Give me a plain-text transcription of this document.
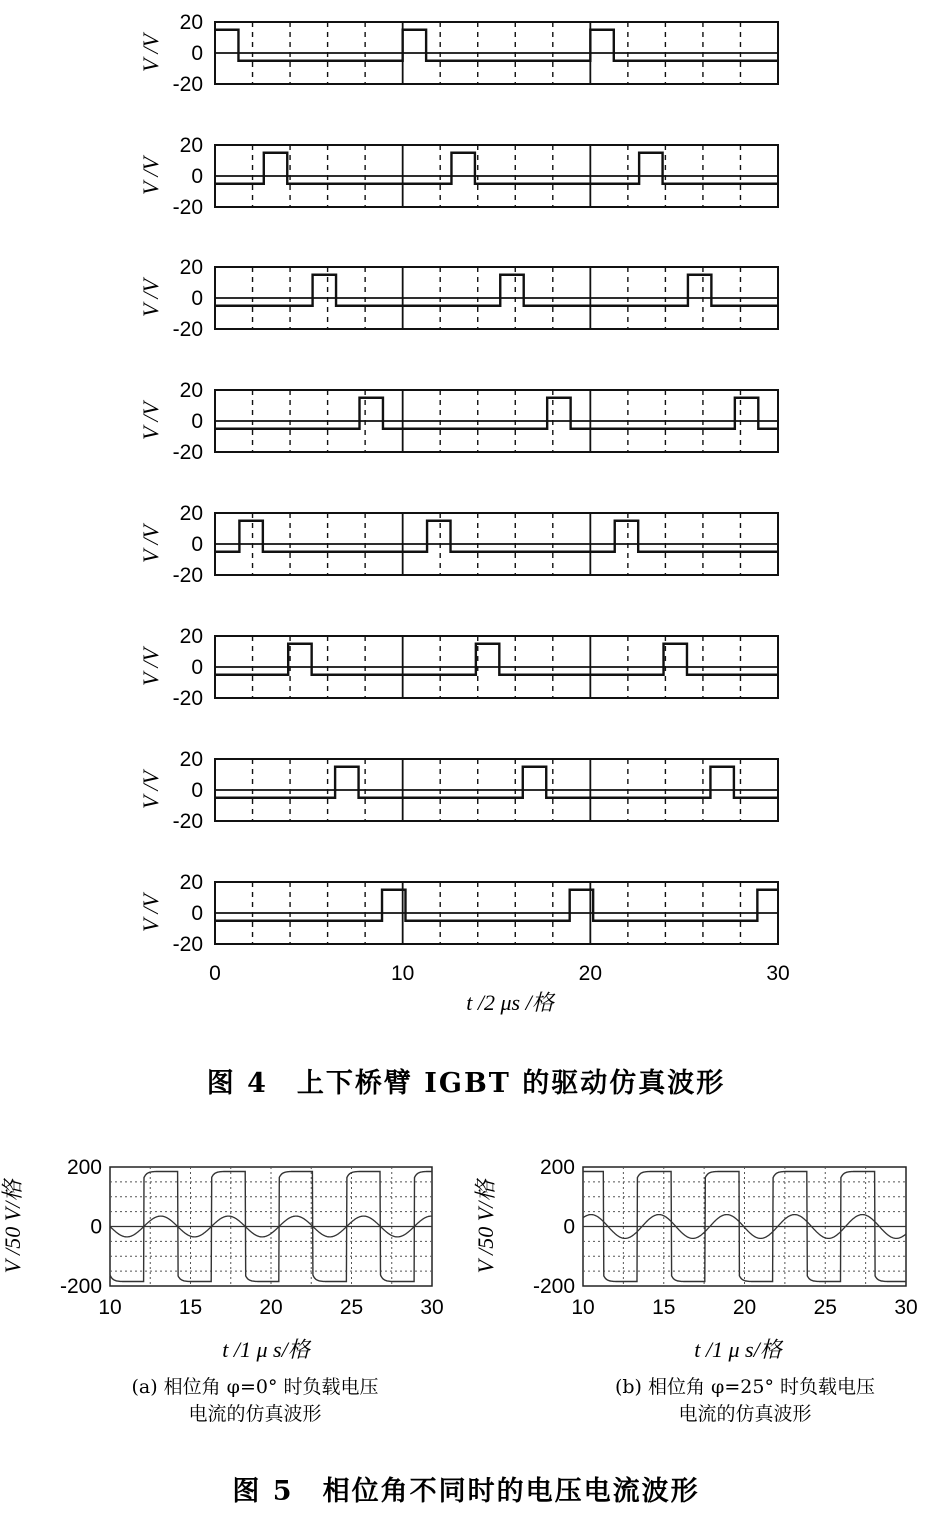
t /2 μs /格
图 4　上下桥臂 IGBT 的驱动仿真波形
t /1 μ s/格	t /1 μ s/格
(a) 相位角 φ=0° 时负载电压
电流的仿真波形
(b) 相位角 φ=25° 时负载电压
电流的仿真波形
图 5　相位角不同时的电压电流波形
20
0
-20
V /V
20
0
-20
V /V
20
0
-20
V /V
20
0
-20
V /V
20
0
-20
V /V
20
0
-20
V /V
20
0
-20
V /V
20
0
-20
V /V
0	10	20	30
200
0
-200
10	15	20	25	30
V /50 V/格
200
0
-200
10	15	20	25	30
V /50 V/格
